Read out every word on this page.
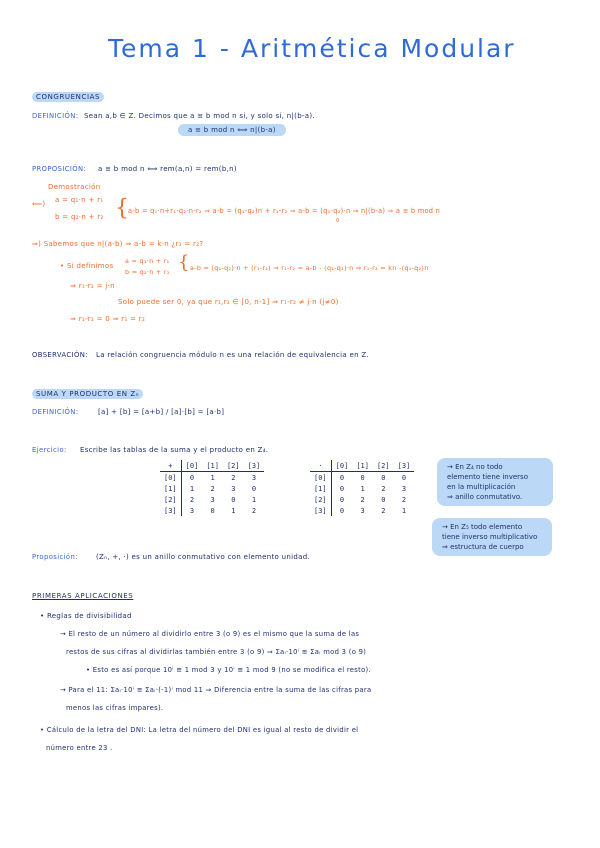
Tema 1 - Aritmética Modular
CONGRUENCIAS
DEFINICIÓN: Sean a,b ∈ Z. Decimos que a ≡ b mod n si, y solo si, n|(b-a).
a ≡ b mod n ⟺ n|(b-a)
PROPOSICIÓN: a ≡ b mod n ⟺ rem(a,n) = rem(b,n)
Demostración
⟸) a = q₁·n + r₁
b = q₂·n + r₂ { a-b = q₁·n+r₁-q₂·n-r₂ ⇒ a-b = (q₁-q₂)n + r₁-r₂ ⇒ a-b = (q₁-q₂)·n ⇒ n|(b-a) ⇒ a ≡ b mod n
0
⇒) Sabemos que n|(a-b) ⇒ a-b = k·n ¿r₁ = r₂?
• Si definimos
a = q₁·n + r₁
b = q₂·n + r₂ { a-b = (q₁-q₂)·n + (r₁-r₂) ⇒ r₁-r₂ = a-b - (q₁-q₂)·n ⇒ r₁-r₂ = kn -(q₁-q₂)n
⇒ r₁-r₂ = j·n
Solo puede ser 0, ya que r₁,r₂ ∈ [0, n-1] ⇒ r₁-r₂ ≠ j·n (j≠0)
⇒ r₁-r₂ = 0 ⇒ r₁ = r₂
OBSERVACIÓN: La relación congruencia módulo n es una relación de equivalencia en Z.
SUMA Y PRODUCTO EN Zₙ
DEFINICIÓN:	[a] + [b] = [a+b] / [a]·[b] = [a·b]
Ejercicio: Escribe las tablas de la suma y el producto en Z₄.
+	[0]	[1]	[2]	[3]
[0]	0	1	2	3
[1]	1	2	3	0
[2]	2	3	0	1
[3]	3	0	1	2
·	[0]	[1]	[2]	[3]
[0]	0	0	0	0
[1]	0	1	2	3
[2]	0	2	0	2
[3]	0	3	2	1
→ En Z₄ no todo
elemento tiene inverso
en la multiplicación
⇒ anillo conmutativo.
→ En Z₅ todo elemento
tiene inverso multiplicativo
⇒ estructura de cuerpo
Proposición:	(Zₙ, +, ·) es un anillo conmutativo con elemento unidad.
PRIMERAS APLICACIONES
• Reglas de divisibilidad
→ El resto de un número al dividirlo entre 3 (o 9) es el mismo que la suma de las
restos de sus cifras al dividirlas también entre 3 (o 9) ⇒ Σaᵢ·10ⁱ ≡ Σaᵢ mod 3 (o 9)
• Esto es así porque 10ⁱ ≡ 1 mod 3 y 10ⁱ ≡ 1 mod 9 (no se modifica el resto).
→ Para el 11: Σaᵢ·10ⁱ ≡ Σaᵢ·(-1)ⁱ mod 11 ⇒ Diferencia entre la suma de las cifras para
menos las cifras impares).
• Cálculo de la letra del DNI: La letra del número del DNI es igual al resto de dividir el
número entre 23 .
